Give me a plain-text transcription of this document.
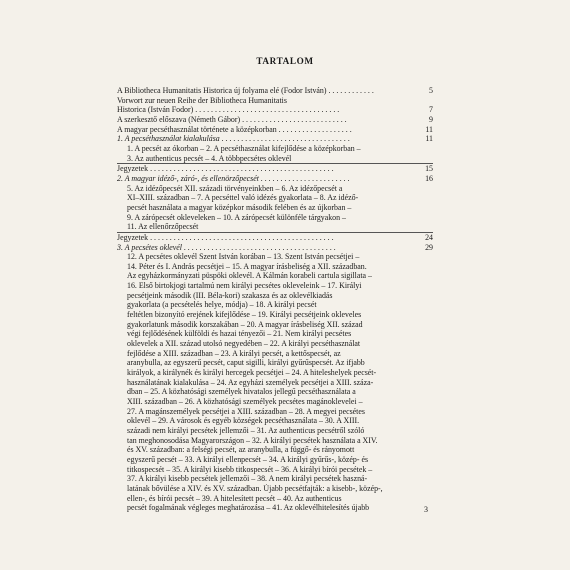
TARTALOM
A Bibliotheca Humanitatis Historica új folyama elé (Fodor István) . . . . . . . . . . . .	5
Vorwort zur neuen Reihe der Bibliotheca Humanitatis
Historica (István Fodor) . . . . . . . . . . . . . . . . . . . . . . . . . . . . . . . . . . . . .	7
A szerkesztő előszava (Németh Gábor) . . . . . . . . . . . . . . . . . . . . . . . . . . .	9
A magyar pecséthasználat története a középkorban . . . . . . . . . . . . . . . . . . .	11
1. A pecséthasználat kialakulása . . . . . . . . . . . . . . . . . . . . . . . . . . . . . . . . .	11
1. A pecsét az ókorban – 2. A pecséthasználat kifejlődése a középkorban –
3. Az authenticus pecsét – 4. A többpecsétes oklevél
Jegyzetek . . . . . . . . . . . . . . . . . . . . . . . . . . . . . . . . . . . . . . . . . . . . . . .	15
2. A magyar idéző-, záró-, és ellenörzőpecsét . . . . . . . . . . . . . . . . . . . . . . .	16
5. Az idézőpecsét XII. századi törvényeinkben – 6. Az idézőpecsét a
XI–XIII. században – 7. A pecséttel való idézés gyakorlata – 8. Az idéző-
pecsét használata a magyar középkor második felében és az újkorban –
9. A zárópecsét okleveleken – 10. A zárópecsét különféle tárgyakon –
11. Az ellenőrzőpecsét
Jegyzetek . . . . . . . . . . . . . . . . . . . . . . . . . . . . . . . . . . . . . . . . . . . . . . .	24
3. A pecsétes oklevél . . . . . . . . . . . . . . . . . . . . . . . . . . . . . . . . . . . . . . .	29
12. A pecsétes oklevél Szent István korában – 13. Szent István pecsétjei –
14. Péter és I. András pecsétjei – 15. A magyar írásbeliség a XII. században.
Az egyházkormányzati püspöki oklevél. A Kálmán korabeli cartula sigillata –
16. Első birtokjogi tartalmú nem királyi pecsétes okleveleink – 17. Királyi
pecsétjeink második (III. Béla-kori) szakasza és az oklevélkiadás
gyakorlata (a pecsételés helye, módja) – 18. A királyi pecsét
feltétlen bizonyító erejének kifejlődése – 19. Királyi pecsétjeink okleveles
gyakorlatunk második korszakában – 20. A magyar írásbeliség XII. század
végi fejlődésének külföldi és hazai tényezői – 21. Nem királyi pecsétes
oklevelek a XII. század utolsó negyedében – 22. A királyi pecséthasználat
fejlődése a XIII. században – 23. A királyi pecsét, a kettőspecsét, az
aranybulla, az egyszerű pecsét, caput sigilli, királyi gyűrűspecsét. Az ifjabb
királyok, a királynék és királyi hercegek pecsétjei – 24. A hiteleshelyek pecsét-
használatának kialakulása – 24. Az egyházi személyek pecsétjei a XIII. száza-
dban – 25. A közhatósági személyek hivatalos jellegű pecséthasználata a
XIII. században – 26. A közhatósági személyek pecsétes magánoklevelei –
27. A magánszemélyek pecsétjei a XIII. században – 28. A megyei pecsétes
oklevél – 29. A városok és egyéb községek pecséthasználata – 30. A XIII.
századi nem királyi pecsétek jellemzői – 31. Az authenticus pecsétről szóló
tan meghonosodása Magyarországon – 32. A királyi pecsétek használata a XIV.
és XV. században: a felségi pecsét, az aranybulla, a függő- és rányomott
egyszerű pecsét – 33. A királyi ellenpecsét – 34. A királyi gyűrűs-, közép- és
titkospecsét – 35. A királyi kisebb titkospecsét – 36. A királyi bírói pecsétek –
37. A királyi kisebb pecsétek jellemzői – 38. A nem királyi pecsétek haszná-
latának bővülése a XIV. és XV. században. Újabb pecsétfajták: a kisebb-, közép-,
ellen-, és bírói pecsét – 39. A hitelesített pecsét – 40. Az authenticus
pecsét fogalmának végleges meghatározása – 41. Az oklevélhitelesítés újabb	3
